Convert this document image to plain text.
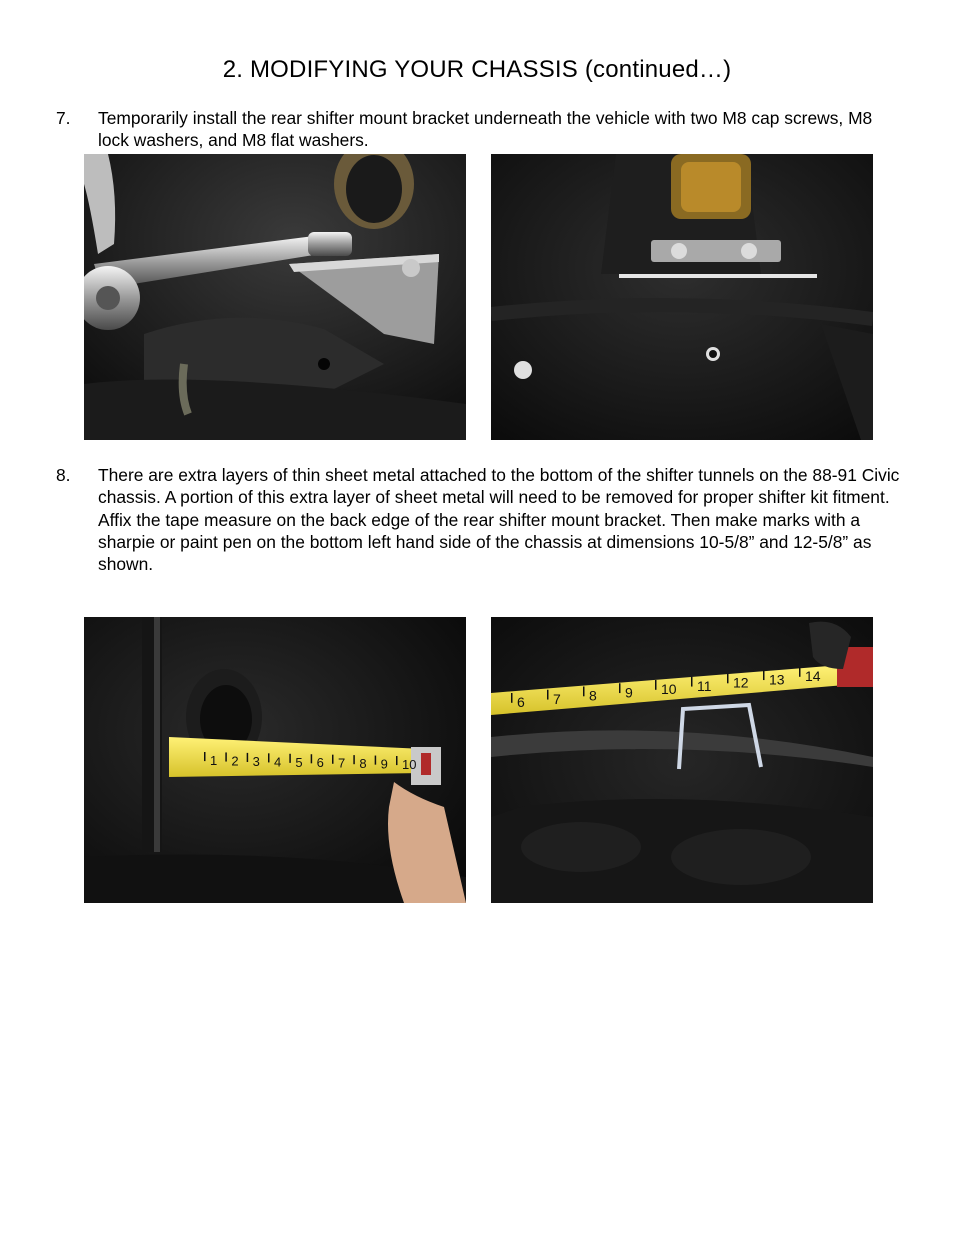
2. MODIFYING YOUR CHASSIS (continued…)
7. Temporarily install the rear shifter mount bracket underneath the vehicle with two M8 cap screws, M8 lock washers, and M8 flat washers.
8. There are extra layers of thin sheet metal attached to the bottom of the shifter tunnels on the 88-91 Civic chassis. A portion of this extra layer of sheet metal will need to be removed for proper shifter kit fitment. Affix the tape measure on the back edge of the rear shifter mount bracket. Then make marks with a sharpie or paint pen on the bottom left hand side of the chassis at dimensions 10-5/8” and 12-5/8” as shown.
1 2 3 4 5 6 7 8 9 10
6 7 8 9 10 11 12 13 14
